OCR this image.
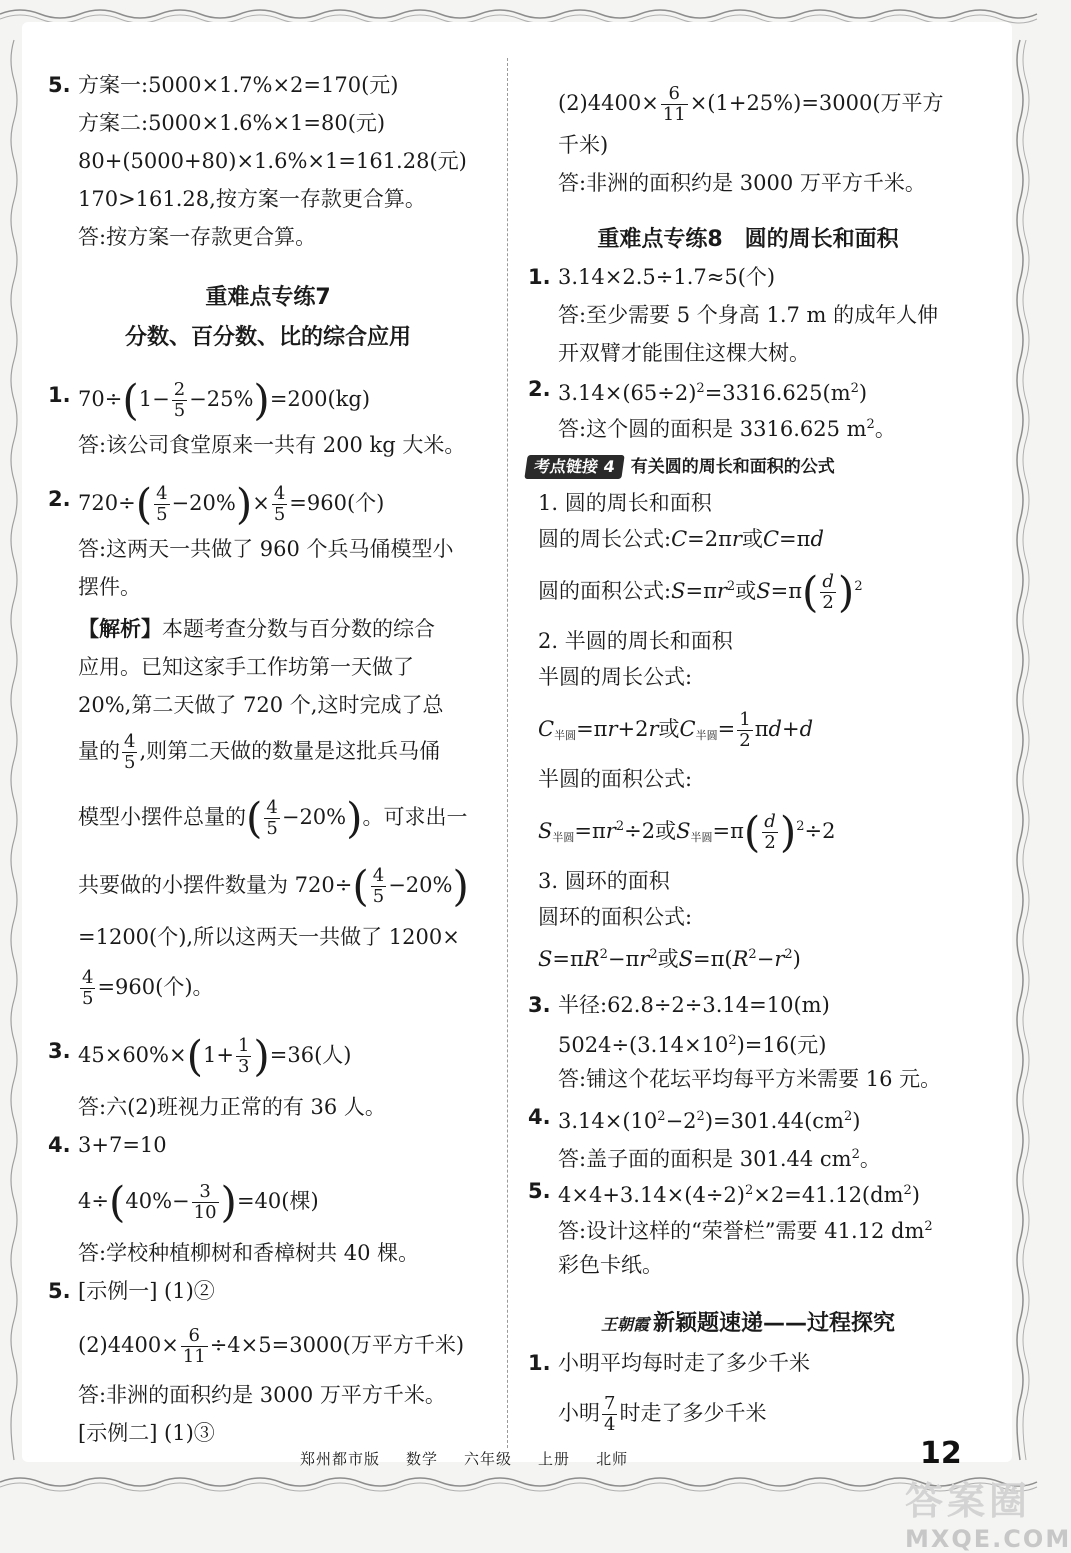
5. 方案一:5000×1.7%×2=170(元)
方案二:5000×1.6%×1=80(元)
80+(5000+80)×1.6%×1=161.28(元)
170>161.28,按方案一存款更合算。
答:按方案一存款更合算。
重难点专练7
分数、百分数、比的综合应用
1. $70\div(1- \frac{2}{5} -25\%)=200(kg)$
答:该公司食堂原来一共有 200 kg 大米。
2. $720\div( \frac{4}{5} -20\%)\times \frac{4}{5} =960$(个)
答:这两天一共做了 960 个兵马俑模型小
摆件。
【解析】本题考查分数与百分数的综合
应用。已知这家手工作坊第一天做了
20%,第二天做了 720 个,这时完成了总
量的 $\frac{4}{5}$ ,则第二天做的数量是这批兵马俑
模型小摆件总量的( $\frac{4}{5} -20\%$)。可求出一
共要做的小摆件数量为 $720\div( \frac{4}{5} -20\%)$
=1200(个),所以这两天一共做了 1200×
$\frac{4}{5} =960$(个)。
3. $45\times 60\%\times(1+ \frac{1}{3} )=36$(人)
答:六(2)班视力正常的有 36 人。
4. 3+7=10
$4\div(40\%- \frac{3}{10} )=40$(棵)
答:学校种植柳树和香樟树共 40 棵。
5. [示例一] (1)②
$(2)4400\times \frac{6}{11} \div 4\times 5=3000$(万平方千米)
答:非洲的面积约是 3000 万平方千米。
[示例二] (1)③
$(2)4400\times \frac{6}{11} \times(1+25\%)=3000$(万平方
千米)
答:非洲的面积约是 3000 万平方千米。
重难点专练8　圆的周长和面积
1. 3.14×2.5÷1.7≈5(个)
答:至少需要 5 个身高 1.7 m 的成年人伸
开双臂才能围住这棵大树。
2. $3.14\times(65\div 2)^2=3316.625(m^2)$
答:这个圆的面积是 3316.625 $m^2$。
考点链接 4 有关圆的周长和面积的公式
1. 圆的周长和面积
圆的周长公式:C=2πr或C=πd
圆的面积公式$:S=\pi r^2$或$S=\pi( \frac{d}{2} )^2$
2. 半圆的周长和面积
半圆的周长公式:
$C_{半圆}=\pi r+2r$或$C_{半圆}= \frac{1}{2} \pi d+d$
半圆的面积公式:
$S_{半圆}=\pi r^2\div 2$或$S_{半圆}=\pi( \frac{d}{2} )^2\div 2$
3. 圆环的面积
圆环的面积公式:
$S=\pi R^2-\pi r^2$或$S=\pi(R^2-r^2)$
3. 半径:62.8÷2÷3.14=10(m)
$5024\div(3.14\times 10^2)=16$(元)
答:铺这个花坛平均每平方米需要 16 元。
4. $3.14\times(10^2-2^2)=301.44(cm^2)$
答:盖子面的面积是 301.44 $cm^2$。
5. $4\times 4+3.14\times(4\div 2)^2\times 2=41.12(dm^2)$
答:设计这样的“荣誉栏”需要 41.12 $dm^2$
彩色卡纸。
王朝霞 新颖题速递——过程探究
1. 小明平均每时走了多少千米
小明 $\frac{7}{4}$ 时走了多少千米
郑州都市版 数学 六年级 上册 北师	12
答案圈
MXQE.COM
